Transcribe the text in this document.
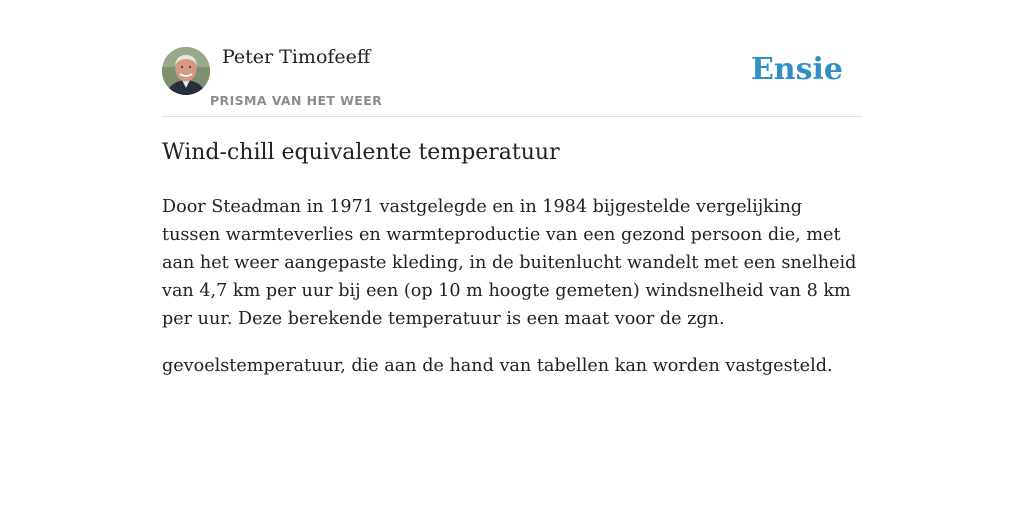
Peter Timofeeff
PRISMA VAN HET WEER
Ensie
Wind-chill equivalente temperatuur

Door Steadman in 1971 vastgelegde en in 1984 bijgestelde vergelijking tussen warmteverlies en warmteproductie van een gezond persoon die, met aan het weer aangepaste kleding, in de buitenlucht wandelt met een snelheid van 4,7 km per uur bij een (op 10 m hoogte gemeten) windsnelheid van 8 km per uur. Deze berekende temperatuur is een maat voor de zgn.

gevoelstemperatuur, die aan de hand van tabellen kan worden vastgesteld.
